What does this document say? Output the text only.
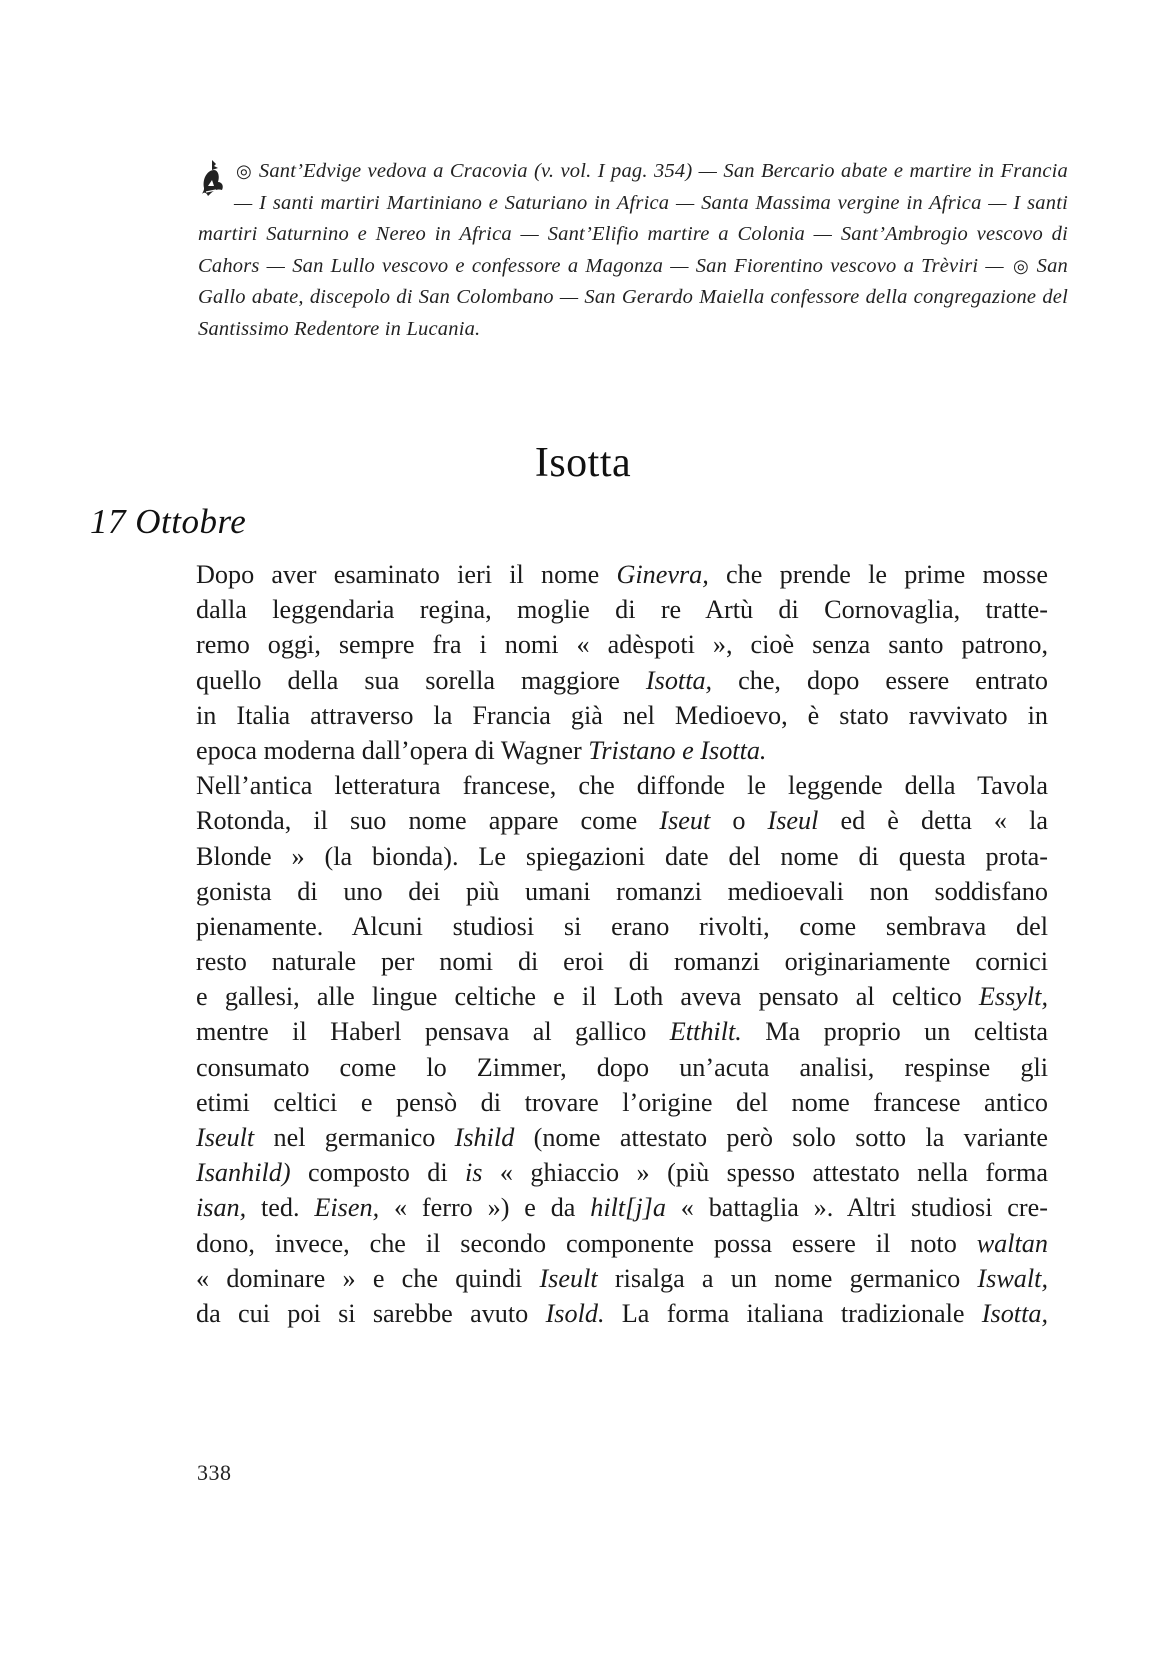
◎ Sant’Edvige vedova a Cracovia (v. vol. I pag. 354) — San Bercario abate e martire in Francia — I santi martiri Martiniano e Saturiano in Africa — Santa Massima vergine in Africa — I santi martiri Saturnino e Nereo in Africa — Sant’Elifio martire a Colonia — Sant’Ambrogio vescovo di Cahors — San Lullo vescovo e confessore a Magonza — San Fiorentino vescovo a Trèviri — ◎ San Gallo abate, discepolo di San Colombano — San Gerardo Maiella confessore della congregazione del Santissimo Redentore in Lucania.
Isotta
17 Ottobre
Dopo aver esaminato ieri il nome Ginevra, che prende le prime mosse
dalla leggendaria regina, moglie di re Artù di Cornovaglia, tratte-
remo oggi, sempre fra i nomi « adèspoti », cioè senza santo patrono,
quello della sua sorella maggiore Isotta, che, dopo essere entrato
in Italia attraverso la Francia già nel Medioevo, è stato ravvivato in
epoca moderna dall’opera di Wagner Tristano e Isotta.
Nell’antica letteratura francese, che diffonde le leggende della Tavola
Rotonda, il suo nome appare come Iseut o Iseul ed è detta « la
Blonde » (la bionda). Le spiegazioni date del nome di questa prota-
gonista di uno dei più umani romanzi medioevali non soddisfano
pienamente. Alcuni studiosi si erano rivolti, come sembrava del
resto naturale per nomi di eroi di romanzi originariamente cornici
e gallesi, alle lingue celtiche e il Loth aveva pensato al celtico Essylt,
mentre il Haberl pensava al gallico Etthilt. Ma proprio un celtista
consumato come lo Zimmer, dopo un’acuta analisi, respinse gli
etimi celtici e pensò di trovare l’origine del nome francese antico
Iseult nel germanico Ishild (nome attestato però solo sotto la variante
Isanhild) composto di is « ghiaccio » (più spesso attestato nella forma
isan, ted. Eisen, « ferro ») e da hilt[j]a « battaglia ». Altri studiosi cre-
dono, invece, che il secondo componente possa essere il noto waltan
« dominare » e che quindi Iseult risalga a un nome germanico Iswalt,
da cui poi si sarebbe avuto Isold. La forma italiana tradizionale Isotta,
338
